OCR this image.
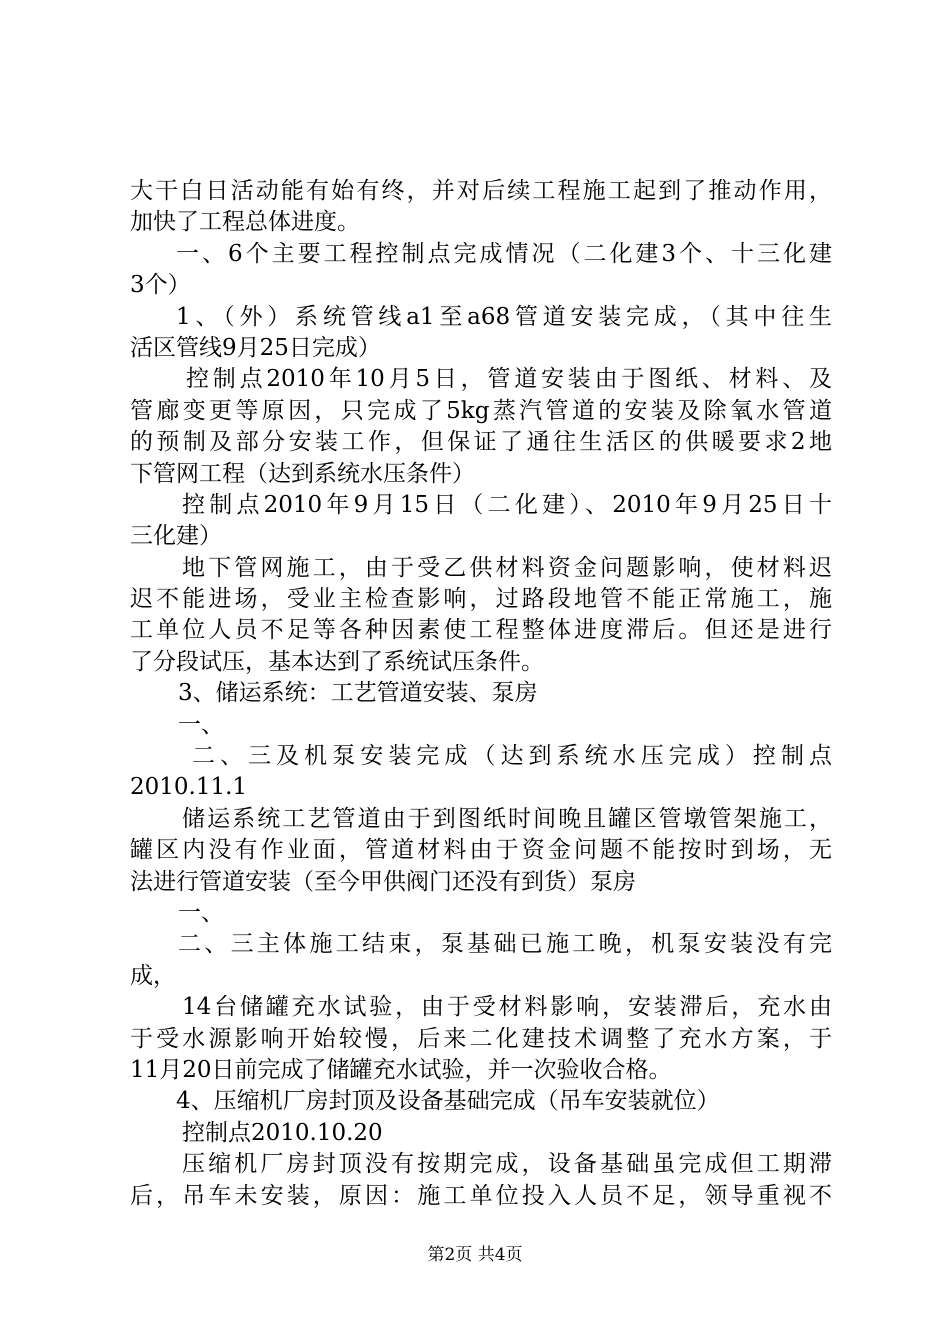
大干白日活动能有始有终，并对后续工程施工起到了推动作用，
加快了工程总体进度。
一、6个主要工程控制点完成情况（二化建3个、十三化建
3个）
1、（外）系统管线a1至a68管道安装完成，（其中往生
活区管线9月25日完成）
控制点2010年10月5日，管道安装由于图纸、材料、及
管廊变更等原因，只完成了5kg蒸汽管道的安装及除氧水管道
的预制及部分安装工作，但保证了通往生活区的供暖要求2地
下管网工程（达到系统水压条件）
控制点2010年9月15日（二化建）、2010年9月25日十
三化建）
地下管网施工，由于受乙供材料资金问题影响，使材料迟
迟不能进场，受业主检查影响，过路段地管不能正常施工，施
工单位人员不足等各种因素使工程整体进度滞后。但还是进行
了分段试压，基本达到了系统试压条件。
3、储运系统：工艺管道安装、泵房
一、
二、三及机泵安装完成（达到系统水压完成）控制点
2010.11.1
储运系统工艺管道由于到图纸时间晚且罐区管墩管架施工，
罐区内没有作业面，管道材料由于资金问题不能按时到场，无
法进行管道安装（至今甲供阀门还没有到货）泵房
一、
二、三主体施工结束，泵基础已施工晚，机泵安装没有完
成，
14台储罐充水试验，由于受材料影响，安装滞后，充水由
于受水源影响开始较慢，后来二化建技术调整了充水方案，于
11月20日前完成了储罐充水试验，并一次验收合格。
4、压缩机厂房封顶及设备基础完成（吊车安装就位）
控制点2010.10.20
压缩机厂房封顶没有按期完成，设备基础虽完成但工期滞
后，吊车未安装，原因：施工单位投入人员不足，领导重视不
第2页 共4页
